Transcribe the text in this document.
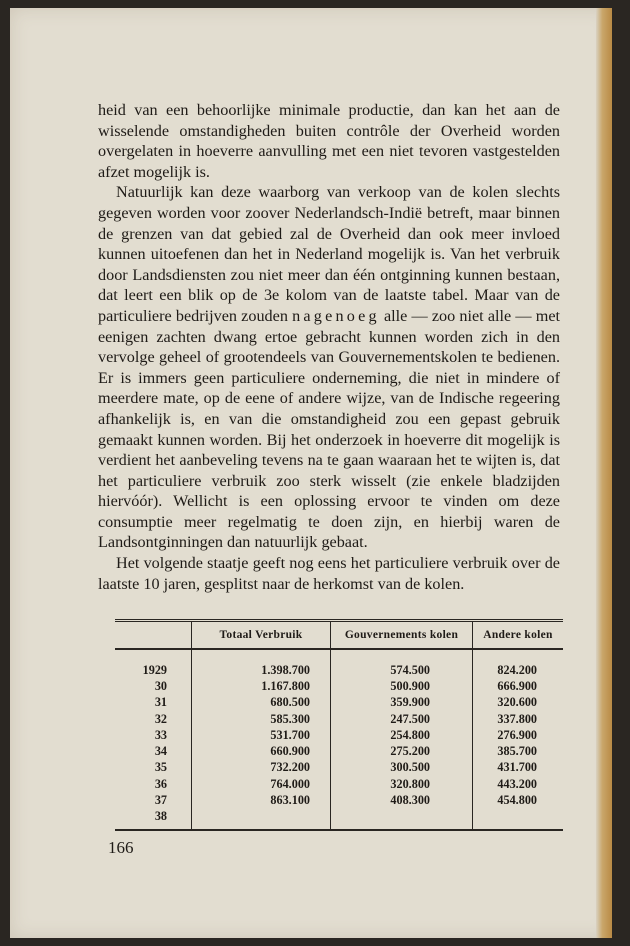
heid van een behoorlijke minimale productie, dan kan het aan de wisselende omstandigheden buiten contrôle der Overheid worden overgelaten in hoeverre aanvulling met een niet tevoren vastgestelden afzet mogelijk is.

Natuurlijk kan deze waarborg van verkoop van de kolen slechts gegeven worden voor zoover Nederlandsch-Indië betreft, maar binnen de grenzen van dat gebied zal de Overheid dan ook meer invloed kunnen uitoefenen dan het in Nederland mogelijk is. Van het verbruik door Landsdiensten zou niet meer dan één ontginning kunnen bestaan, dat leert een blik op de 3e kolom van de laatste tabel. Maar van de particuliere bedrijven zouden nagenoeg alle — zoo niet alle — met eenigen zachten dwang ertoe gebracht kunnen worden zich in den vervolge geheel of grootendeels van Gouvernementskolen te bedienen. Er is immers geen particuliere onderneming, die niet in mindere of meerdere mate, op de eene of andere wijze, van de Indische regeering afhankelijk is, en van die omstandigheid zou een gepast gebruik gemaakt kunnen worden. Bij het onderzoek in hoeverre dit mogelijk is verdient het aanbeveling tevens na te gaan waaraan het te wijten is, dat het particuliere verbruik zoo sterk wisselt (zie enkele bladzijden hiervóór). Wellicht is een oplossing ervoor te vinden om deze consumptie meer regelmatig te doen zijn, en hierbij waren de Landsontginningen dan natuurlijk gebaat.

Het volgende staatje geeft nog eens het particuliere verbruik over de laatste 10 jaren, gesplitst naar de herkomst van de kolen.

	Totaal Verbruik	Gouvernements kolen	Andere kolen
1929	1.398.700	574.500	824.200
30	1.167.800	500.900	666.900
31	680.500	359.900	320.600
32	585.300	247.500	337.800
33	531.700	254.800	276.900
34	660.900	275.200	385.700
35	732.200	300.500	431.700
36	764.000	320.800	443.200
37	863.100	408.300	454.800
38			

166
